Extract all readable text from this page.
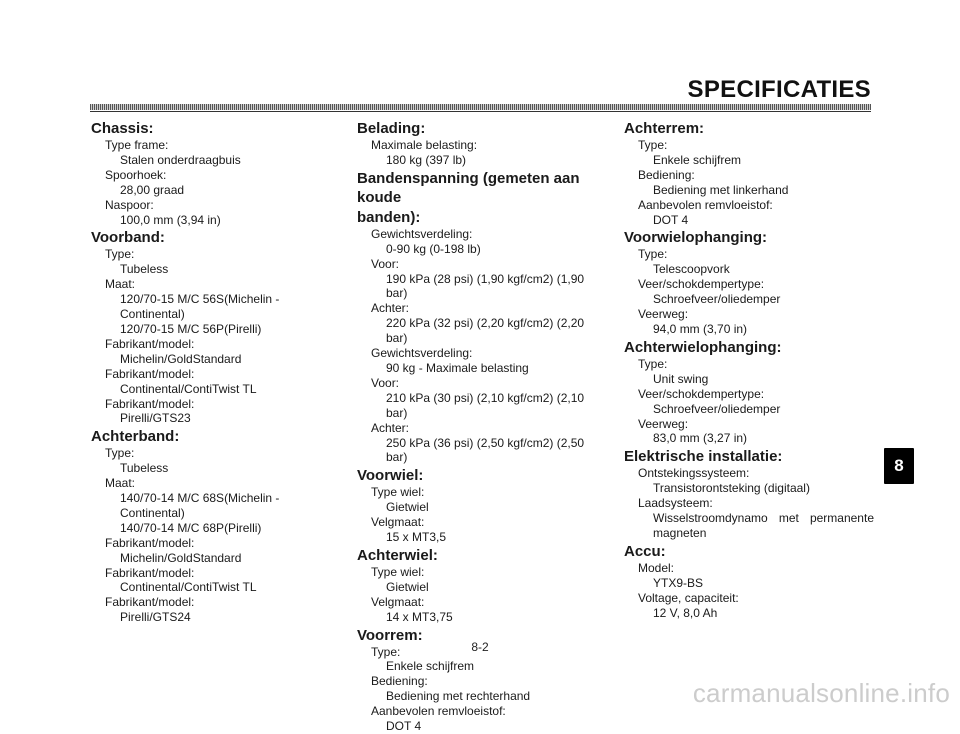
SPECIFICATIES
Chassis:
Type frame:
Stalen onderdraagbuis
Spoorhoek:
28,00 graad
Naspoor:
100,0 mm (3,94 in)
Voorband:
Type:
Tubeless
Maat:
120/70-15 M/C 56S(Michelin -
Continental)
120/70-15 M/C 56P(Pirelli)
Fabrikant/model:
Michelin/GoldStandard
Fabrikant/model:
Continental/ContiTwist TL
Fabrikant/model:
Pirelli/GTS23
Achterband:
Type:
Tubeless
Maat:
140/70-14 M/C 68S(Michelin -
Continental)
140/70-14 M/C 68P(Pirelli)
Fabrikant/model:
Michelin/GoldStandard
Fabrikant/model:
Continental/ContiTwist TL
Fabrikant/model:
Pirelli/GTS24
Belading:
Maximale belasting:
180 kg (397 lb)
Bandenspanning (gemeten aan koude
banden):
Gewichtsverdeling:
0-90 kg (0-198 lb)
Voor:
190 kPa (28 psi) (1,90 kgf/cm2) (1,90 bar)
Achter:
220 kPa (32 psi) (2,20 kgf/cm2) (2,20 bar)
Gewichtsverdeling:
90 kg - Maximale belasting
Voor:
210 kPa (30 psi) (2,10 kgf/cm2) (2,10 bar)
Achter:
250 kPa (36 psi) (2,50 kgf/cm2) (2,50 bar)
Voorwiel:
Type wiel:
Gietwiel
Velgmaat:
15 x MT3,5
Achterwiel:
Type wiel:
Gietwiel
Velgmaat:
14 x MT3,75
Voorrem:
Type:
Enkele schijfrem
Bediening:
Bediening met rechterhand
Aanbevolen remvloeistof:
DOT 4
Achterrem:
Type:
Enkele schijfrem
Bediening:
Bediening met linkerhand
Aanbevolen remvloeistof:
DOT 4
Voorwielophanging:
Type:
Telescoopvork
Veer/schokdempertype:
Schroefveer/oliedemper
Veerweg:
94,0 mm (3,70 in)
Achterwielophanging:
Type:
Unit swing
Veer/schokdempertype:
Schroefveer/oliedemper
Veerweg:
83,0 mm (3,27 in)
Elektrische installatie:
Ontstekingssysteem:
Transistorontsteking (digitaal)
Laadsysteem:
Wisselstroomdynamo met permanente
magneten
Accu:
Model:
YTX9-BS
Voltage, capaciteit:
12 V, 8,0 Ah
8
8-2
carmanualsonline.info
